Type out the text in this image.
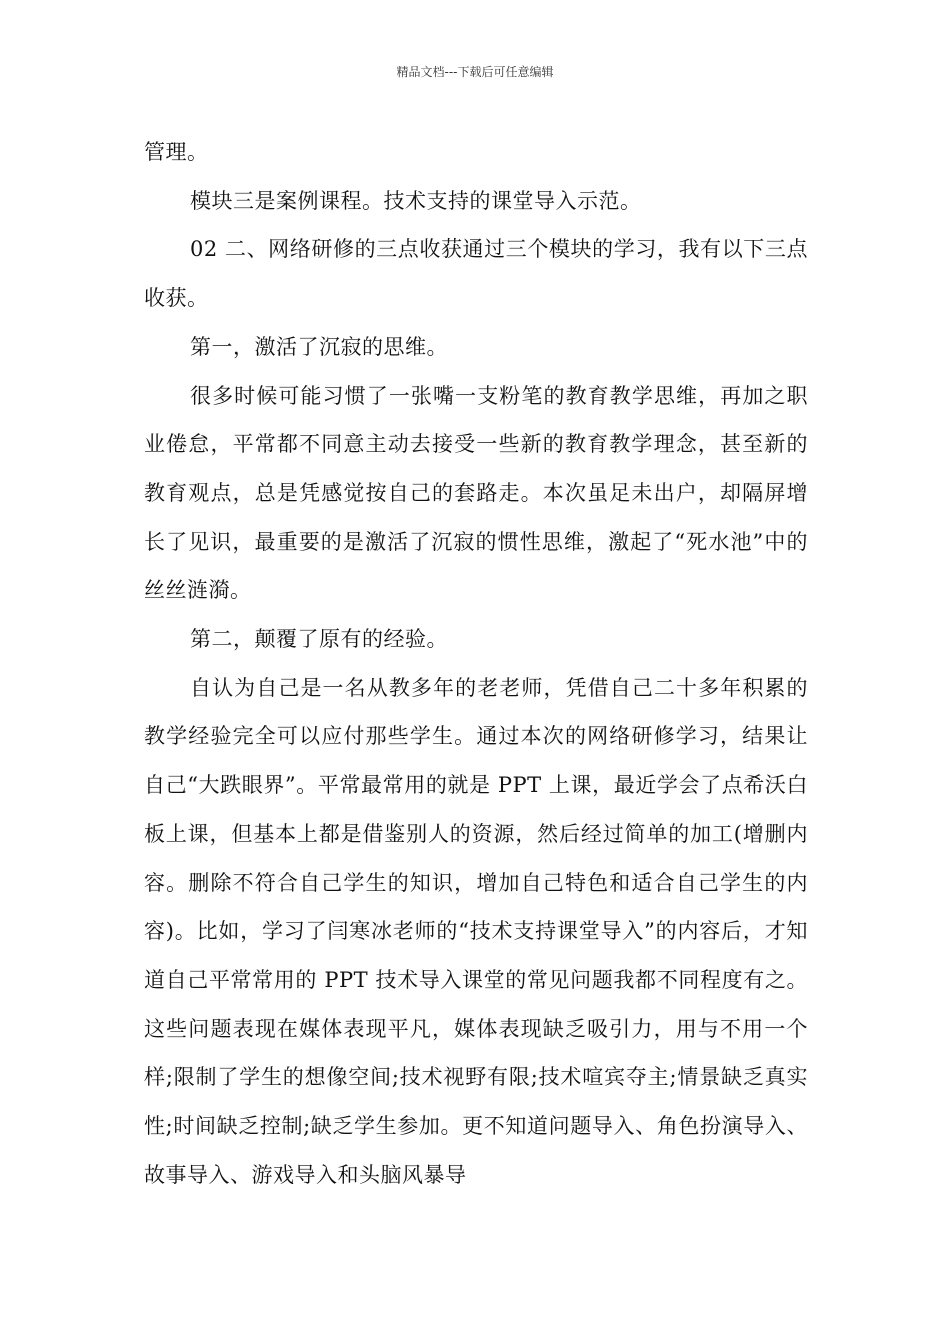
精品文档---下载后可任意编辑

管理。

模块三是案例课程。技术支持的课堂导入示范。

02 二、网络研修的三点收获通过三个模块的学习，我有以下三点收获。

第一，激活了沉寂的思维。

很多时候可能习惯了一张嘴一支粉笔的教育教学思维，再加之职业倦怠，平常都不同意主动去接受一些新的教育教学理念，甚至新的教育观点，总是凭感觉按自己的套路走。本次虽足未出户，却隔屏增长了见识，最重要的是激活了沉寂的惯性思维，激起了“死水池”中的丝丝涟漪。

第二，颠覆了原有的经验。

自认为自己是一名从教多年的老老师，凭借自己二十多年积累的教学经验完全可以应付那些学生。通过本次的网络研修学习，结果让自己“大跌眼界”。平常最常用的就是 PPT 上课，最近学会了点希沃白板上课，但基本上都是借鉴别人的资源，然后经过简单的加工(增删内容。删除不符合自己学生的知识，增加自己特色和适合自己学生的内容)。比如，学习了闫寒冰老师的“技术支持课堂导入”的内容后，才知道自己平常常用的 PPT 技术导入课堂的常见问题我都不同程度有之。这些问题表现在媒体表现平凡，媒体表现缺乏吸引力，用与不用一个样;限制了学生的想像空间;技术视野有限;技术喧宾夺主;情景缺乏真实性;时间缺乏控制;缺乏学生参加。更不知道问题导入、角色扮演导入、故事导入、游戏导入和头脑风暴导
